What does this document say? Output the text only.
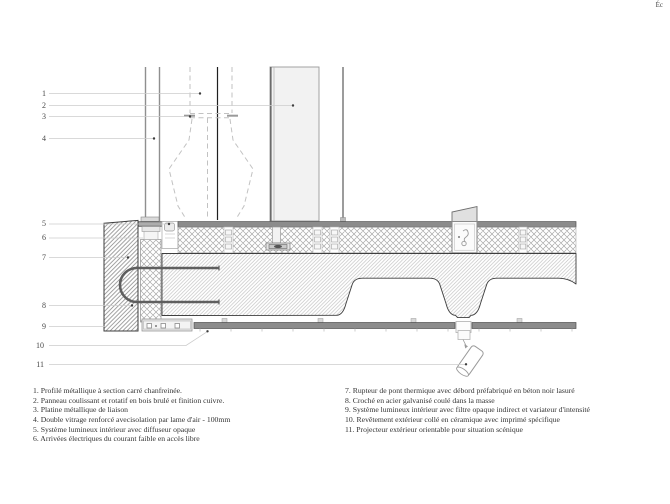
1
2
3
4
5
6
7
8
9
10
11
1. Profilé métallique à section carré chanfreinée.
2. Panneau coulissant et rotatif en bois brulé et finition cuivre.
3. Platine métallique de liaison
4. Double vitrage renforcé avecisolation par lame d'air - 100mm
5. Système lumineux intérieur avec diffuseur opaque
6. Arrivées électriques du courant faible en accès libre
7. Rupteur de pont thermique avec débord préfabriqué en béton noir lasuré
8. Croché en acier galvanisé coulé dans la masse
9. Système lumineux intérieur avec filtre opaque indirect et variateur d'intensité
10. Revêtement extérieur collé en céramique avec imprimé spécifique
11. Projecteur extérieur orientable pour situation scénique
Éc
